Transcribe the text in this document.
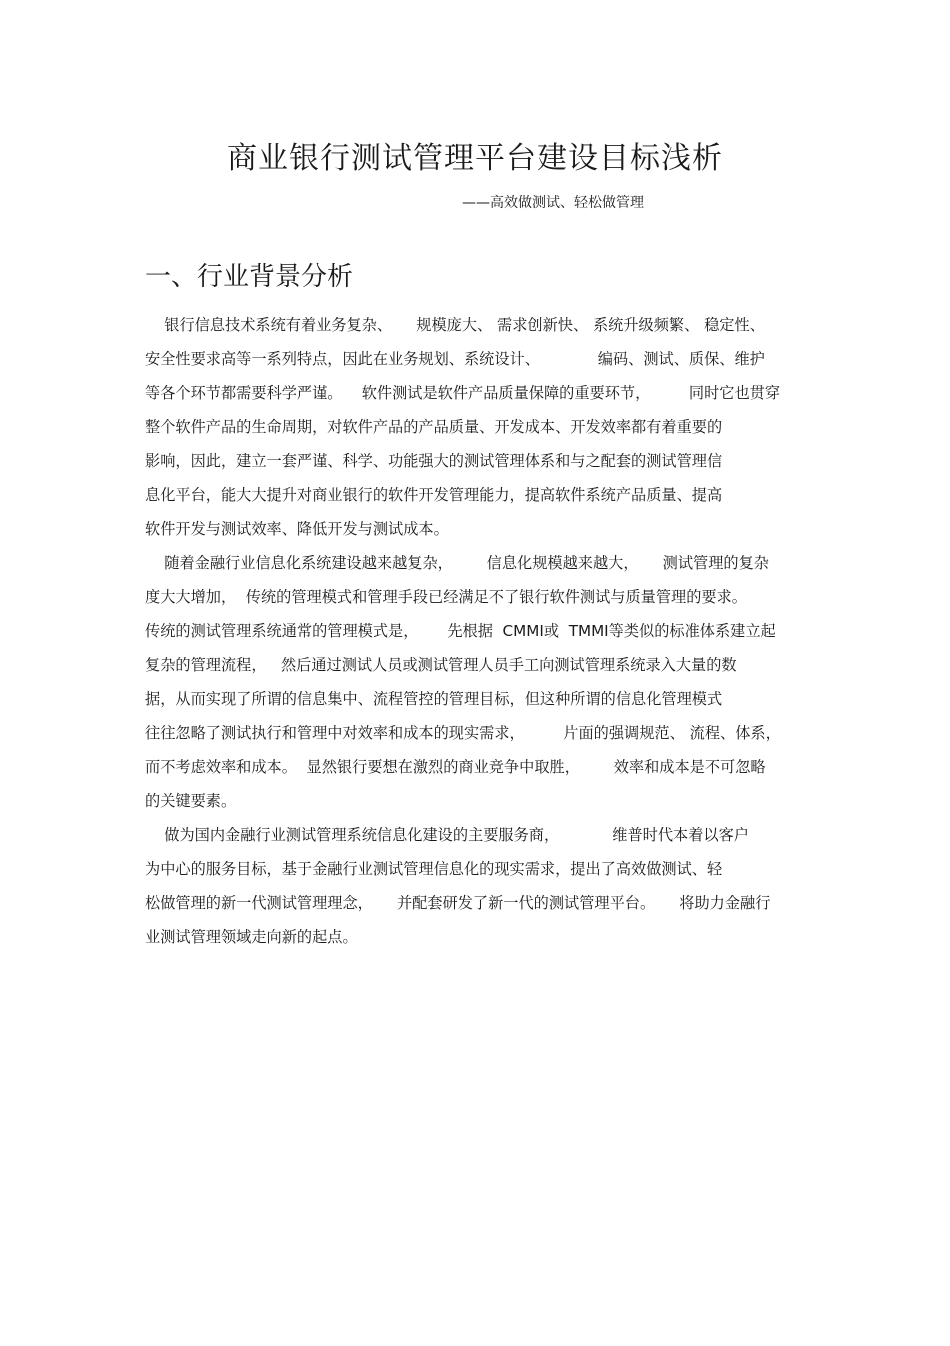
商业银行测试管理平台建设目标浅析

——高效做测试、轻松做管理

一、行业背景分析

银行信息技术系统有着业务复杂、     规模庞大、 需求创新快、 系统升级频繁、 稳定性、

安全性要求高等一系列特点，因此在业务规划、系统设计、            编码、测试、质保、维护

等各个环节都需要科学严谨。    软件测试是软件产品质量保障的重要环节，        同时它也贯穿

整个软件产品的生命周期，对软件产品的产品质量、开发成本、开发效率都有着重要的

影响，因此，建立一套严谨、科学、功能强大的测试管理体系和与之配套的测试管理信

息化平台，能大大提升对商业银行的软件开发管理能力，提高软件系统产品质量、提高

软件开发与测试效率、降低开发与测试成本。

随着金融行业信息化系统建设越来越复杂，       信息化规模越来越大，     测试管理的复杂

度大大增加，  传统的管理模式和管理手段已经满足不了银行软件测试与质量管理的要求。

传统的测试管理系统通常的管理模式是，      先根据  CMMI或  TMMI等类似的标准体系建立起

复杂的管理流程，   然后通过测试人员或测试管理人员手工向测试管理系统录入大量的数

据，从而实现了所谓的信息集中、流程管控的管理目标，但这种所谓的信息化管理模式

往往忽略了测试执行和管理中对效率和成本的现实需求，        片面的强调规范、 流程、体系，

而不考虑效率和成本。  显然银行要想在激烈的商业竞争中取胜，       效率和成本是不可忽略

的关键要素。

做为国内金融行业测试管理系统信息化建设的主要服务商，           维普时代本着以客户

为中心的服务目标，基于金融行业测试管理信息化的现实需求，提出了高效做测试、轻

松做管理的新一代测试管理理念，     并配套研发了新一代的测试管理平台。     将助力金融行

业测试管理领域走向新的起点。
